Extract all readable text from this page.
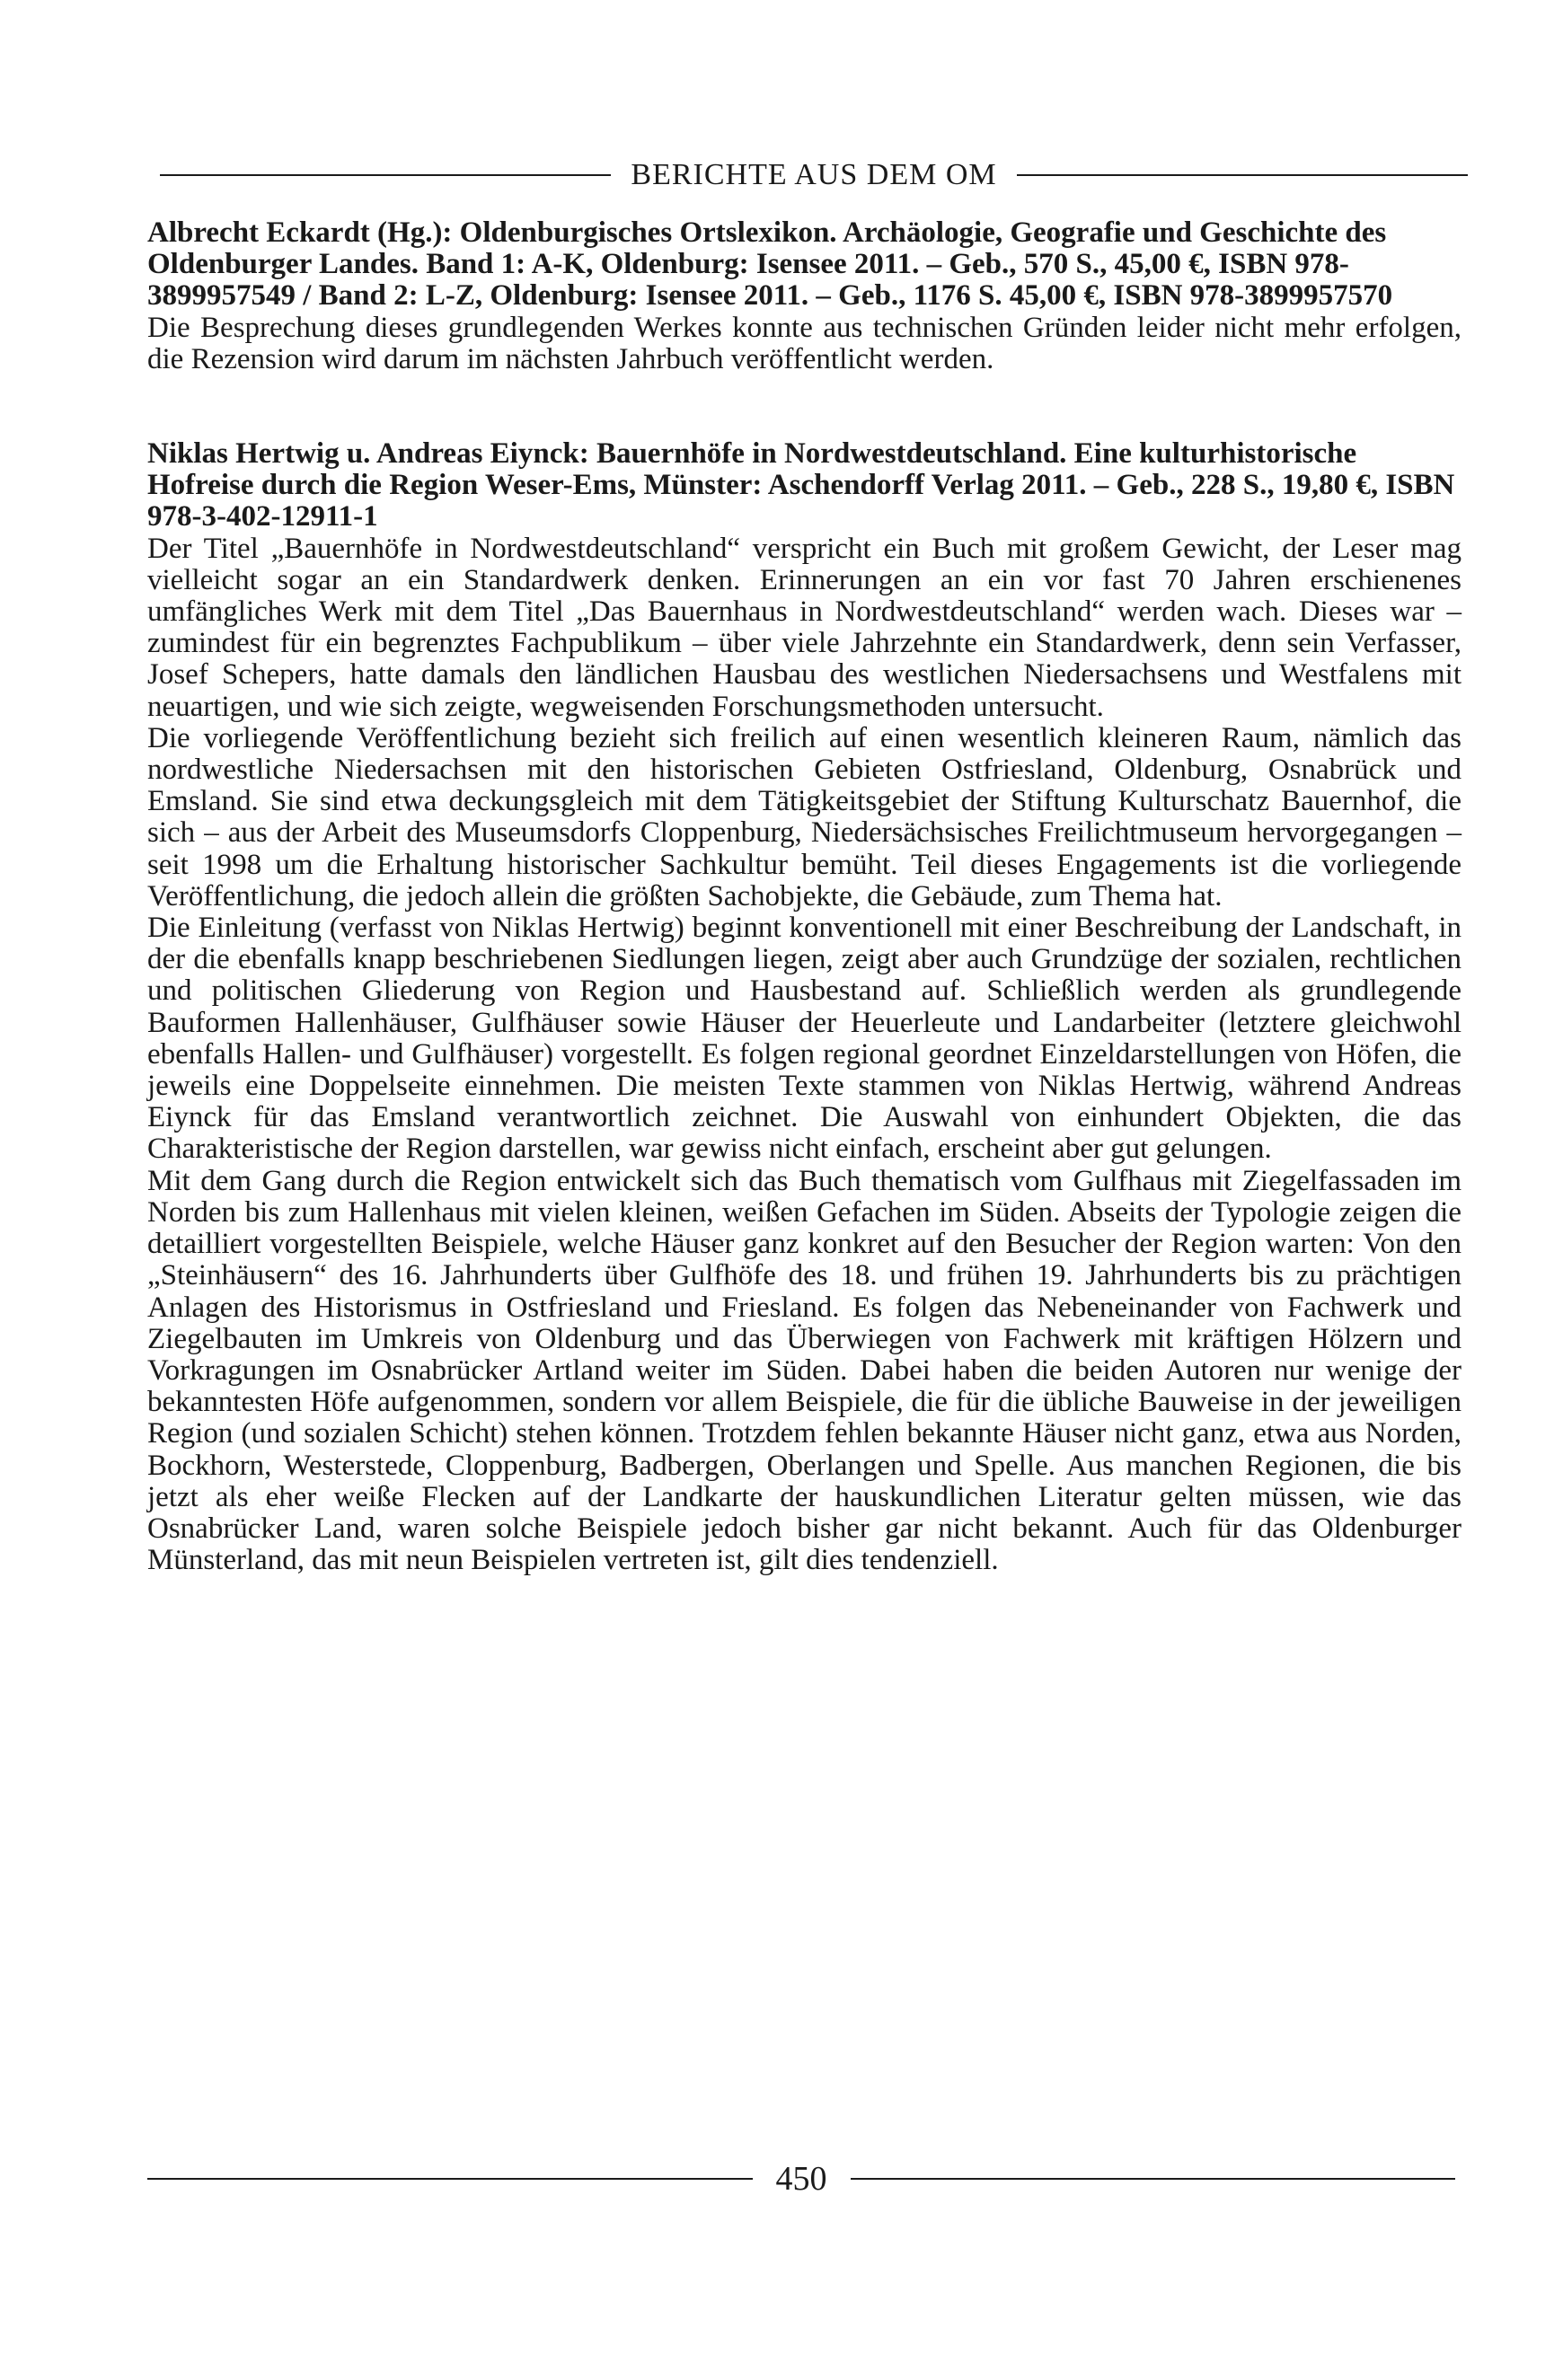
BERICHTE AUS DEM OM

Albrecht Eckardt (Hg.): Oldenburgisches Ortslexikon. Archäologie, Geografie und Geschichte des Oldenburger Landes. Band 1: A-K, Oldenburg: Isensee 2011. – Geb., 570 S., 45,00 €, ISBN 978-3899957549 / Band 2: L-Z, Oldenburg: Isensee 2011. – Geb., 1176 S. 45,00 €, ISBN 978-3899957570

Die Besprechung dieses grundlegenden Werkes konnte aus technischen Gründen leider nicht mehr erfolgen, die Rezension wird darum im nächsten Jahrbuch veröffentlicht werden.

Niklas Hertwig u. Andreas Eiynck: Bauernhöfe in Nordwestdeutschland. Eine kulturhistorische Hofreise durch die Region Weser-Ems, Münster: Aschendorff Verlag 2011. – Geb., 228 S., 19,80 €, ISBN 978-3-402-12911-1

Der Titel „Bauernhöfe in Nordwestdeutschland“ verspricht ein Buch mit großem Gewicht, der Leser mag vielleicht sogar an ein Standardwerk denken. Erinnerungen an ein vor fast 70 Jahren erschienenes umfängliches Werk mit dem Titel „Das Bauernhaus in Nordwestdeutschland“ werden wach. Dieses war – zumindest für ein begrenztes Fachpublikum – über viele Jahrzehnte ein Standardwerk, denn sein Verfasser, Josef Schepers, hatte damals den ländlichen Hausbau des westlichen Niedersachsens und Westfalens mit neuartigen, und wie sich zeigte, wegweisenden Forschungsmethoden untersucht.

Die vorliegende Veröffentlichung bezieht sich freilich auf einen wesentlich kleineren Raum, nämlich das nordwestliche Niedersachsen mit den historischen Gebieten Ostfriesland, Oldenburg, Osnabrück und Emsland. Sie sind etwa deckungsgleich mit dem Tätigkeitsgebiet der Stiftung Kulturschatz Bauernhof, die sich – aus der Arbeit des Museumsdorfs Cloppenburg, Niedersächsisches Freilichtmuseum hervorgegangen – seit 1998 um die Erhaltung historischer Sachkultur bemüht. Teil dieses Engagements ist die vorliegende Veröffentlichung, die jedoch allein die größten Sachobjekte, die Gebäude, zum Thema hat.

Die Einleitung (verfasst von Niklas Hertwig) beginnt konventionell mit einer Beschreibung der Landschaft, in der die ebenfalls knapp beschriebenen Siedlungen liegen, zeigt aber auch Grundzüge der sozialen, rechtlichen und politischen Gliederung von Region und Hausbestand auf. Schließlich werden als grundlegende Bauformen Hallenhäuser, Gulfhäuser sowie Häuser der Heuerleute und Landarbeiter (letztere gleichwohl ebenfalls Hallen- und Gulfhäuser) vorgestellt. Es folgen regional geordnet Einzeldarstellungen von Höfen, die jeweils eine Doppelseite einnehmen. Die meisten Texte stammen von Niklas Hertwig, während Andreas Eiynck für das Emsland verantwortlich zeichnet. Die Auswahl von einhundert Objekten, die das Charakteristische der Region darstellen, war gewiss nicht einfach, erscheint aber gut gelungen.

Mit dem Gang durch die Region entwickelt sich das Buch thematisch vom Gulfhaus mit Ziegelfassaden im Norden bis zum Hallenhaus mit vielen kleinen, weißen Gefachen im Süden. Abseits der Typologie zeigen die detailliert vorgestellten Beispiele, welche Häuser ganz konkret auf den Besucher der Region warten: Von den „Steinhäusern“ des 16. Jahrhunderts über Gulfhöfe des 18. und frühen 19. Jahrhunderts bis zu prächtigen Anlagen des Historismus in Ostfriesland und Friesland. Es folgen das Nebeneinander von Fachwerk und Ziegelbauten im Umkreis von Oldenburg und das Überwiegen von Fachwerk mit kräftigen Hölzern und Vorkragungen im Osnabrücker Artland weiter im Süden. Dabei haben die beiden Autoren nur wenige der bekanntesten Höfe aufgenommen, sondern vor allem Beispiele, die für die übliche Bauweise in der jeweiligen Region (und sozialen Schicht) stehen können. Trotzdem fehlen bekannte Häuser nicht ganz, etwa aus Norden, Bockhorn, Westerstede, Cloppenburg, Badbergen, Oberlangen und Spelle. Aus manchen Regionen, die bis jetzt als eher weiße Flecken auf der Landkarte der hauskundlichen Literatur gelten müssen, wie das Osnabrücker Land, waren solche Beispiele jedoch bisher gar nicht bekannt. Auch für das Oldenburger Münsterland, das mit neun Beispielen vertreten ist, gilt dies tendenziell.

450
